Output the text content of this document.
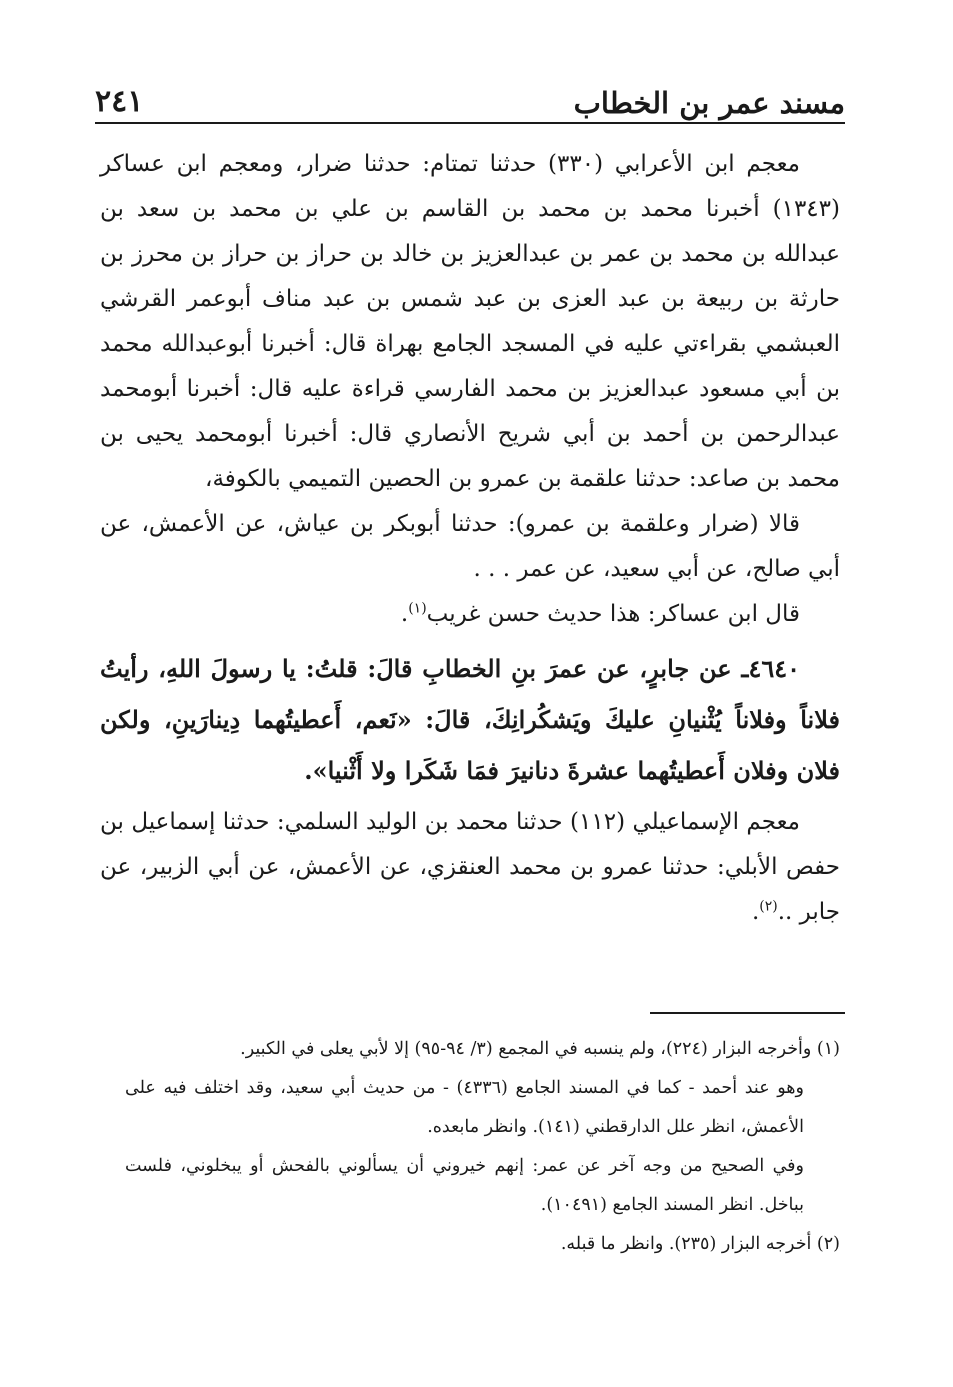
مسند عمر بن الخطاب
٢٤١

معجم ابن الأعرابي (٣٣٠) حدثنا تمتام: حدثنا ضرار، ومعجم ابن عساكر (١٣٤٣) أخبرنا محمد بن محمد بن القاسم بن علي بن محمد بن سعد بن عبدالله بن محمد بن عمر بن عبدالعزيز بن خالد بن حراز بن حراز بن محرز بن حارثة بن ربيعة بن عبد العزى بن عبد شمس بن عبد مناف أبوعمر القرشي العبشمي بقراءتي عليه في المسجد الجامع بهراة قال: أخبرنا أبوعبدالله محمد بن أبي مسعود عبدالعزيز بن محمد الفارسي قراءة عليه قال: أخبرنا أبومحمد عبدالرحمن بن أحمد بن أبي شريح الأنصاري قال: أخبرنا أبومحمد يحيى بن محمد بن صاعد: حدثنا علقمة بن عمرو بن الحصين التميمي بالكوفة،

قالا (ضرار وعلقمة بن عمرو): حدثنا أبوبكر بن عياش، عن الأعمش، عن أبي صالح، عن أبي سعيد، عن عمر . . .

قال ابن عساكر: هذا حديث حسن غريب$^{(١)}$.

٤٦٤٠ـ عن جابرٍ، عن عمرَ بنِ الخطابِ قالَ: قلتُ: يا رسولَ اللهِ، رأيتُ فلاناً وفلاناً يُثْنيانِ عليكَ ويَشكُرانِكَ، قالَ: «نَعم، أَعطيتُهما دِينارَينِ، ولكن فلان وفلان أَعطيتُهما عشرةَ دنانيرَ فمَا شَكَرا ولا أَثْنيا».

معجم الإسماعيلي (١١٢) حدثنا محمد بن الوليد السلمي: حدثنا إسماعيل بن حفص الأبلي: حدثنا عمرو بن محمد العنقزي، عن الأعمش، عن أبي الزبير، عن جابر ..$^{(٢)}$.

(١) وأخرجه البزار (٢٢٤)، ولم ينسبه في المجمع (٣/ ٩٤-٩٥) إلا لأبي يعلى في الكبير.

وهو عند أحمد - كما في المسند الجامع (٤٣٣٦) - من حديث أبي سعيد، وقد اختلف فيه على الأعمش، انظر علل الدارقطني (١٤١). وانظر مابعده.

وفي الصحيح من وجه آخر عن عمر: إنهم خيروني أن يسألوني بالفحش أو يبخلوني، فلست بباخل. انظر المسند الجامع (١٠٤٩١).

(٢) أخرجه البزار (٢٣٥). وانظر ما قبله.
